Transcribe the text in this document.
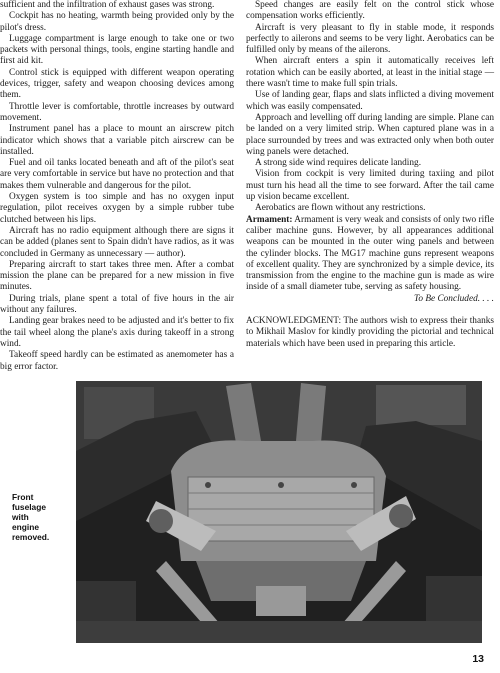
sufficient and the infiltration of exhaust gases was strong.

Cockpit has no heating, warmth being provided only by the pilot's dress.

Luggage compartment is large enough to take one or two packets with personal things, tools, engine starting handle and first aid kit.

Control stick is equipped with different weapon operating devices, trigger, safety and weapon choosing devices among them.

Throttle lever is comfortable, throttle increases by outward movement.

Instrument panel has a place to mount an airscrew pitch indicator which shows that a variable pitch airscrew can be installed.

Fuel and oil tanks located beneath and aft of the pilot's seat are very comfortable in service but have no protection and that makes them vulnerable and dangerous for the pilot.

Oxygen system is too simple and has no oxygen input regulation, pilot receives oxygen by a simple rubber tube clutched between his lips.

Aircraft has no radio equipment although there are signs it can be added (planes sent to Spain didn't have radios, as it was concluded in Germany as unnecessary — author).

Preparing aircraft to start takes three men. After a combat mission the plane can be prepared for a new mission in five minutes.

During trials, plane spent a total of five hours in the air without any failures.

Landing gear brakes need to be adjusted and it's better to fix the tail wheel along the plane's axis during takeoff in a strong wind.

Takeoff speed hardly can be estimated as anemometer has a big error factor.

Speed changes are easily felt on the control stick whose compensation works efficiently.

Aircraft is very pleasant to fly in stable mode, it responds perfectly to ailerons and seems to be very light. Aerobatics can be fulfilled only by means of the ailerons.

When aircraft enters a spin it automatically receives left rotation which can be easily aborted, at least in the initial stage — there wasn't time to make full spin trials.

Use of landing gear, flaps and slats inflicted a diving movement which was easily compensated.

Approach and levelling off during landing are simple. Plane can be landed on a very limited strip. When captured plane was in a place surrounded by trees and was extracted only when both outer wing panels were detached.

A strong side wind requires delicate landing.

Vision from cockpit is very limited during taxiing and pilot must turn his head all the time to see forward. After the tail came up vision became excellent.

Aerobatics are flown without any restrictions.

Armament: Armament is very weak and consists of only two rifle caliber machine guns. However, by all appearances additional weapons can be mounted in the outer wing panels and between the cylinder blocks. The MG17 machine guns represent weapons of excellent quality. They are synchronized by a simple device, its transmission from the engine to the machine gun is made as wire inside of a small diameter tube, serving as safety housing.

To Be Concluded. . . .

ACKNOWLEDGMENT: The authors wish to express their thanks to Mikhail Maslov for kindly providing the pictorial and technical materials which have been used in preparing this article.

Front
fuselage
with
engine
removed.
13
